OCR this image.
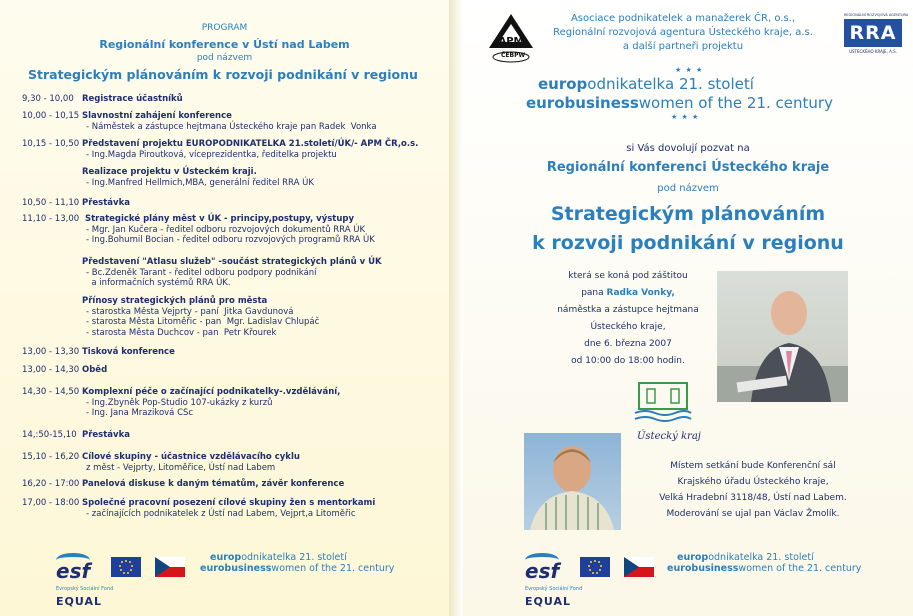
PROGRAM
Regionální konference v Ústí nad Labem
pod názvem
Strategickým plánováním k rozvoji podnikání v regionu
9,30 - 10,00 Registrace účastníků
10,00 - 10,15 Slavnostní zahájení konference
- Náměstek a zástupce hejtmana Ústeckého kraje pan Radek  Vonka
10,15 - 10,50 Představení projektu EUROPODNIKATELKA 21.století/ÚK/- APM ČR,o.s.
- Ing.Magda Piroutková, víceprezidentka, ředitelka projektu
Realizace projektu v Ústeckém kraji.
- Ing.Manfred Hellmich,MBA, generální ředitel RRA ÚK
10,50 - 11,10 Přestávka
11,10 - 13,00 Strategické plány měst v ÚK - principy,postupy, výstupy
- Mgr. Jan Kučera - ředitel odboru rozvojových dokumentů RRA ÚK
- Ing.Bohumil Bocian - ředitel odboru rozvojových programů RRA ÚK
Představení "Atlasu služeb" -součást strategických plánů v ÚK
- Bc.Zdeněk Tarant - ředitel odboru podpory podnikání
a informačních systémů RRA ÚK.
Přínosy strategických plánů pro města
- starostka Města Vejprty - paní  Jitka Gavdunová
- starosta Města Litoměřic - pan  Mgr. Ladislav Chlupáč
- starosta Města Duchcov - pan  Petr Křourek
13,00 - 13,30 Tisková konference
13,00 - 14,30 Oběd
14,30 - 14,50 Komplexní péče o začínající podnikatelky-.vzdělávání,
- Ing.Zbyněk Pop-Studio 107-ukázky z kurzů
- Ing. Jana Mraziková CSc
14,:50-15,10 Přestávka
15,10 - 16,20 Cílové skupiny - účastnice vzdělávacího cyklu
z měst - Vejprty, Litoměřice, Ústí nad Labem
16,20 - 17:00 Panelová diskuse k daným tématům, závěr konference
17,00 - 18:00 Společné pracovní posezení cílové skupiny žen s mentorkami
- začínajících podnikatelek z Ústí nad Labem, Vejprt,a Litoměřic
esf
Evropský Sociální Fond
EQUAL
europodnikatelka 21. století
eurobusinesswomen of the 21. century
APM
ČEBPW
Asociace podnikatelek a manažerek ČR, o.s.,
Regionální rozvojová agentura Ústeckého kraje, a.s.
a další partneři projektu
REGIONÁLNÍ ROZVOJOVÁ AGENTURA
RRA
ÚSTECKÉHO KRAJE, A.S.
★ ★ ★
europodnikatelka 21. století
eurobusinesswomen of the 21. century
★ ★ ★
si Vás dovolují pozvat na
Regionální konferenci Ústeckého kraje
pod názvem
Strategickým plánováním
k rozvoji podnikání v regionu
která se koná pod záštitou
pana Radka Vonky,
náměstka a zástupce hejtmana
Ústeckého kraje,
dne 6. března 2007
od 10:00 do 18:00 hodin.
Ústecký kraj
Místem setkání bude Konferenční sál
Krajského úřadu Ústeckého kraje,
Velká Hradební 3118/48, Ústí nad Labem.
Moderování se ujal pan Václav Žmolík.
esf
Evropský Sociální Fond
EQUAL
europodnikatelka 21. století
eurobusinesswomen of the 21. century
